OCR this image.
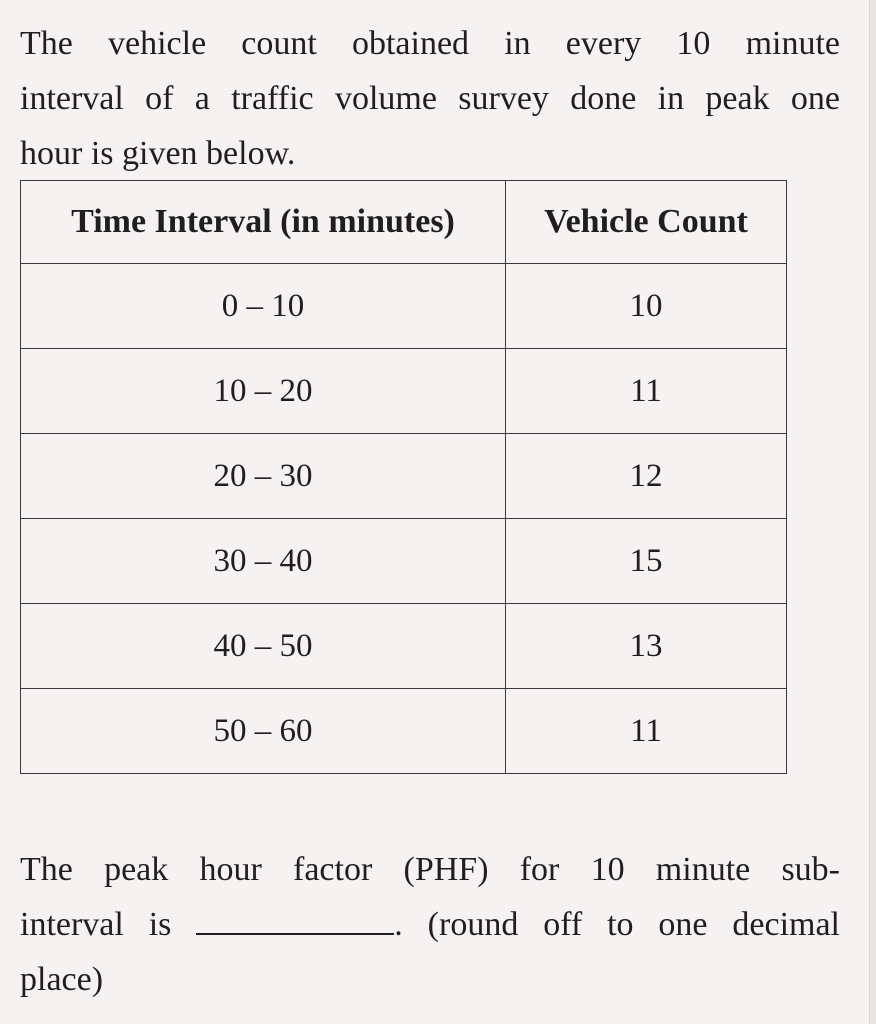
The vehicle count obtained in every 10 minute
interval of a traffic volume survey done in peak one
hour is given below.

Time Interval (in minutes)	Vehicle Count
0 – 10	10
10 – 20	11
20 – 30	12
30 – 40	15
40 – 50	13
50 – 60	11
The peak hour factor (PHF) for 10 minute sub-
interval is	. (round off to one decimal
place)
